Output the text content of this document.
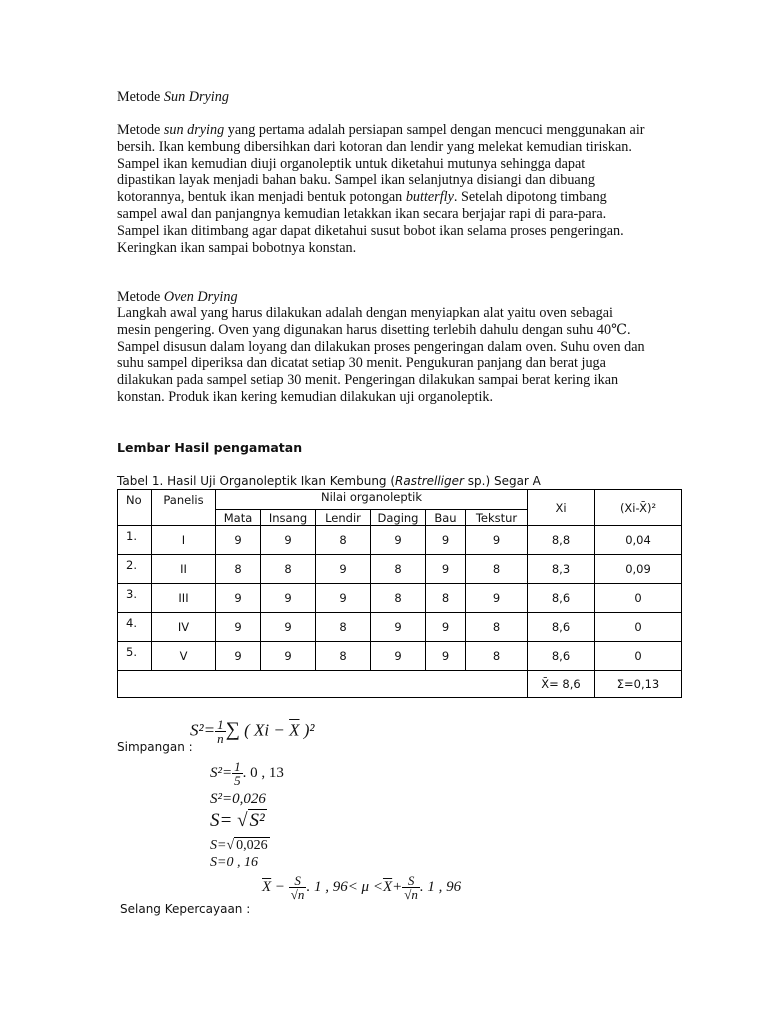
Metode Sun Drying
Metode sun drying yang pertama adalah persiapan sampel dengan mencuci menggunakan air bersih. Ikan kembung dibersihkan dari kotoran dan lendir yang melekat kemudian tiriskan. Sampel ikan kemudian diuji organoleptik untuk diketahui mutunya sehingga dapat dipastikan layak menjadi bahan baku. Sampel ikan selanjutnya disiangi dan dibuang kotorannya, bentuk ikan menjadi bentuk potongan butterfly. Setelah dipotong timbang sampel awal dan panjangnya kemudian letakkan ikan secara berjajar rapi di para-para. Sampel ikan ditimbang agar dapat diketahui susut bobot ikan selama proses pengeringan. Keringkan ikan sampai bobotnya konstan.
Metode Oven Drying
Langkah awal yang harus dilakukan adalah dengan menyiapkan alat yaitu oven sebagai mesin pengering. Oven yang digunakan harus disetting terlebih dahulu dengan suhu 40℃. Sampel disusun dalam loyang dan dilakukan proses pengeringan dalam oven. Suhu oven dan suhu sampel diperiksa dan dicatat setiap 30 menit. Pengukuran panjang dan berat juga dilakukan pada sampel setiap 30 menit. Pengeringan dilakukan sampai berat kering ikan konstan. Produk ikan kering kemudian dilakukan uji organoleptik.
Lembar Hasil pengamatan
Tabel 1. Hasil Uji Organoleptik Ikan Kembung (Rastrelliger sp.) Segar A
No	Panelis	Nilai organoleptik						Xi	(Xi-X̄)²
		Mata	Insang	Lendir	Daging	Bau	Tekstur		
1.	I	9	9	8	9	9	9	8,8	0,04
2.	II	8	8	9	8	9	8	8,3	0,09
3.	III	9	9	9	8	8	9	8,6	0
4.	IV	9	9	8	9	9	8	8,6	0
5.	V	9	9	8	9	9	8	8,6	0
								X̄= 8,6	Σ=0,13
Simpangan :
$S^2= \frac{1}{n}$ ∑ ( $Xi - \overline{X}$ )²
$S^2= \frac{1}{5}$ . 0 , 13
S²=0,026
S= √ S²
S=√ 0,026
S=0 , 16
$\overline{X} - \frac{S}{√n}$ . 1 , $96< \mu <\overline{X}+ \frac{S}{√n}$ . 1 , 96
Selang Kepercayaan :
